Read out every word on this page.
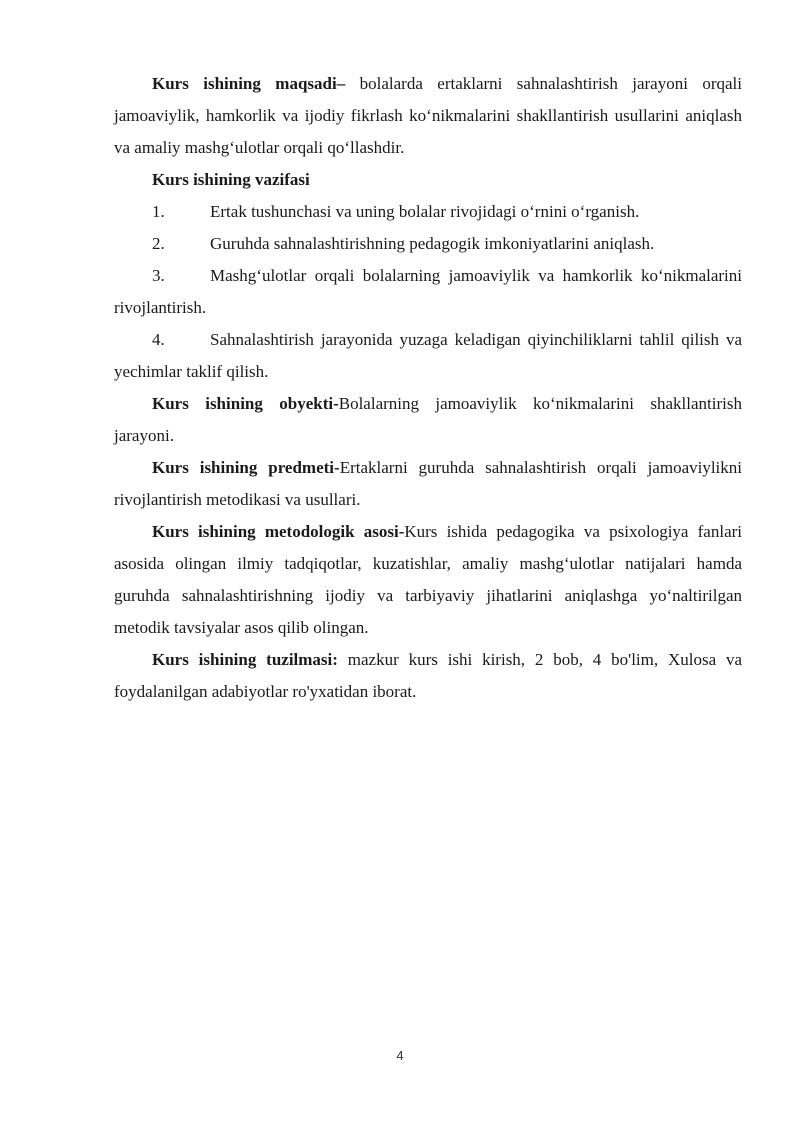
Kurs ishining maqsadi– bolalarda ertaklarni sahnalashtirish jarayoni orqali jamoaviylik, hamkorlik va ijodiy fikrlash ko‘nikmalarini shakllantirish usullarini aniqlash va amaliy mashg‘ulotlar orqali qo‘llashdir.

Kurs ishining vazifasi
1.	Ertak tushunchasi va uning bolalar rivojidagi o‘rnini o‘rganish.
2.	Guruhda sahnalashtirishning pedagogik imkoniyatlarini aniqlash.
3.	Mashg‘ulotlar orqali bolalarning jamoaviylik va hamkorlik ko‘nikmalarini rivojlantirish.
4.	Sahnalashtirish jarayonida yuzaga keladigan qiyinchiliklarni tahlil qilish va yechimlar taklif qilish.

Kurs ishining obyekti-Bolalarning jamoaviylik ko‘nikmalarini shakllantirish jarayoni.

Kurs ishining predmeti-Ertaklarni guruhda sahnalashtirish orqali jamoaviylikni rivojlantirish metodikasi va usullari.

Kurs ishining metodologik asosi-Kurs ishida pedagogika va psixologiya fanlari asosida olingan ilmiy tadqiqotlar, kuzatishlar, amaliy mashg‘ulotlar natijalari hamda guruhda sahnalashtirishning ijodiy va tarbiyaviy jihatlarini aniqlashga yo‘naltirilgan metodik tavsiyalar asos qilib olingan.

Kurs ishining tuzilmasi: mazkur kurs ishi kirish, 2 bob, 4 bo'lim, Xulosa va foydalanilgan adabiyotlar ro'yxatidan iborat.

4
